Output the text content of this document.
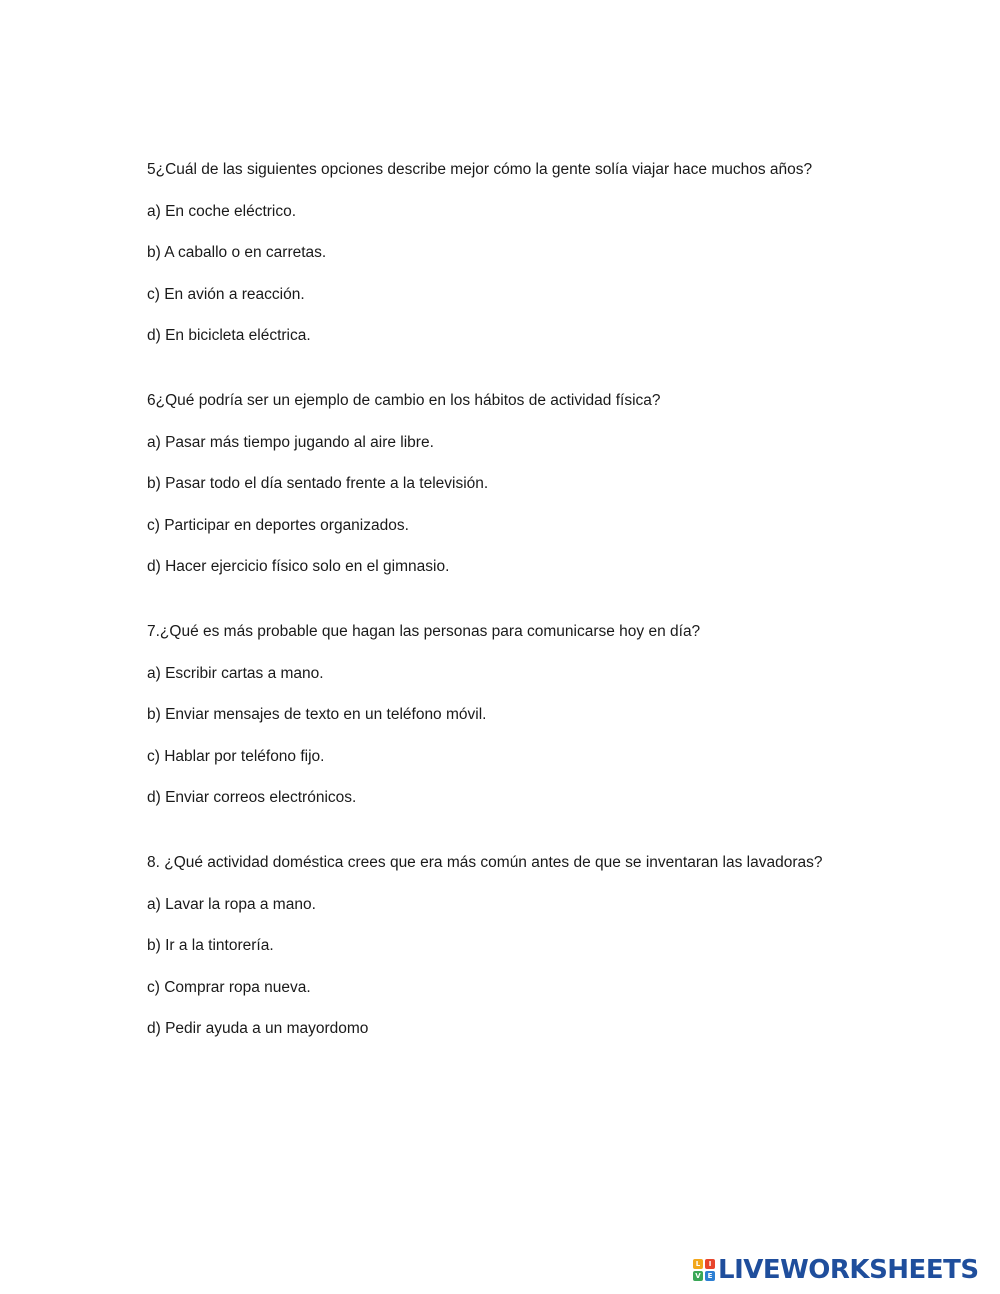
5¿Cuál de las siguientes opciones describe mejor cómo la gente solía viajar hace muchos años?

a) En coche eléctrico.

b) A caballo o en carretas.

c) En avión a reacción.

d) En bicicleta eléctrica.

6¿Qué podría ser un ejemplo de cambio en los hábitos de actividad física?

a) Pasar más tiempo jugando al aire libre.

b) Pasar todo el día sentado frente a la televisión.

c) Participar en deportes organizados.

d) Hacer ejercicio físico solo en el gimnasio.

7.¿Qué es más probable que hagan las personas para comunicarse hoy en día?

a) Escribir cartas a mano.

b) Enviar mensajes de texto en un teléfono móvil.

c) Hablar por teléfono fijo.

d) Enviar correos electrónicos.

8. ¿Qué actividad doméstica crees que era más común antes de que se inventaran las lavadoras?

a) Lavar la ropa a mano.

b) Ir a la tintorería.

c) Comprar ropa nueva.

d) Pedir ayuda a un mayordomo

L	I
V E LIVEWORKSHEETS
